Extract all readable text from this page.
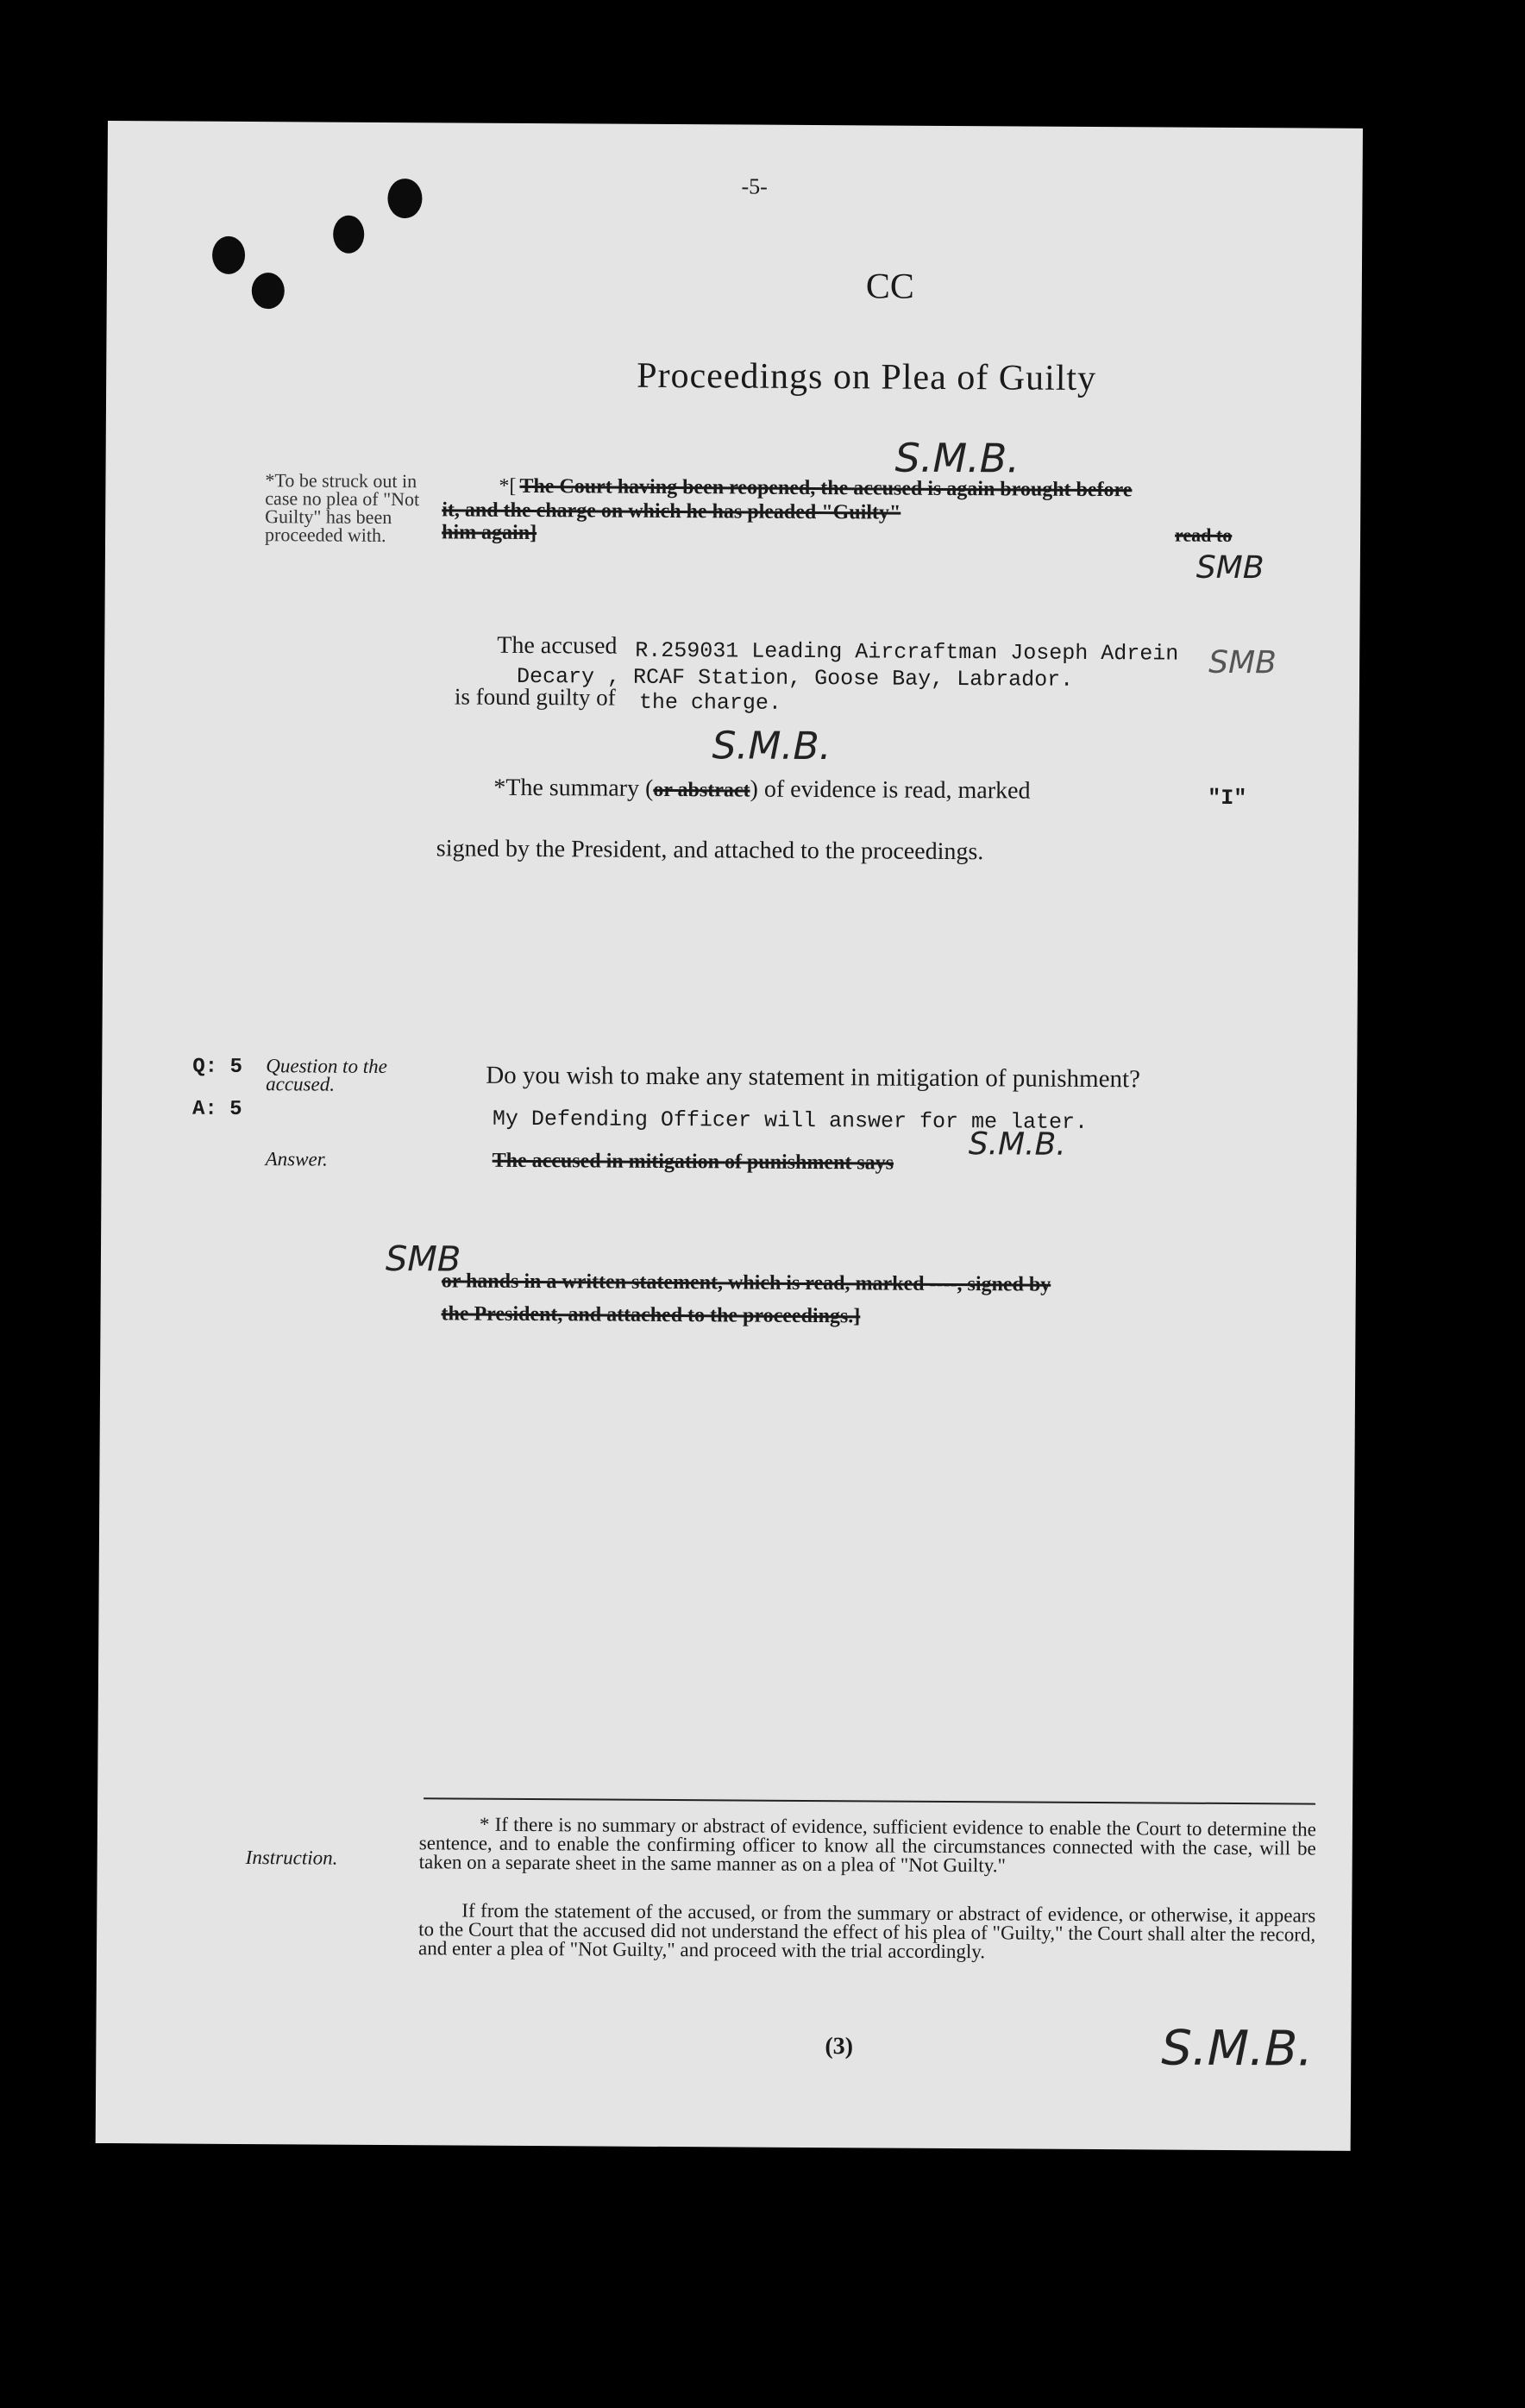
-5-
CC
Proceedings on Plea of Guilty
S.M.B.
*To be struck out in case no plea of "Not Guilty" has been proceeded with.
*[ The Court having been reopened, the accused is again brought before
it, and the charge on which he has pleaded "Guilty"
him again]	read to
SMB
The accused R.259031 Leading Aircraftman Joseph Adrein SMB
Decary , RCAF Station, Goose Bay, Labrador.
is found guilty of the charge.
S.M.B.
*The summary (or abstract) of evidence is read, marked	"I"
signed by the President, and attached to the proceedings.
Q: 5 Question to the accused.	Do you wish to make any statement in mitigation of punishment?
A: 5	My Defending Officer will answer for me later.
S.M.B.
Answer.	The accused in mitigation of punishment says
SMB
or hands in a written statement, which is read, marked ----, signed by
the President, and attached to the proceedings.]
Instruction.
* If there is no summary or abstract of evidence, sufficient evidence to enable the Court to determine the sentence, and to enable the confirming officer to know all the circumstances connected with the case, will be taken on a separate sheet in the same manner as on a plea of "Not Guilty."
If from the statement of the accused, or from the summary or abstract of evidence, or otherwise, it appears to the Court that the accused did not understand the effect of his plea of "Guilty," the Court shall alter the record, and enter a plea of "Not Guilty," and proceed with the trial accordingly.
(3)	S.M.B.
